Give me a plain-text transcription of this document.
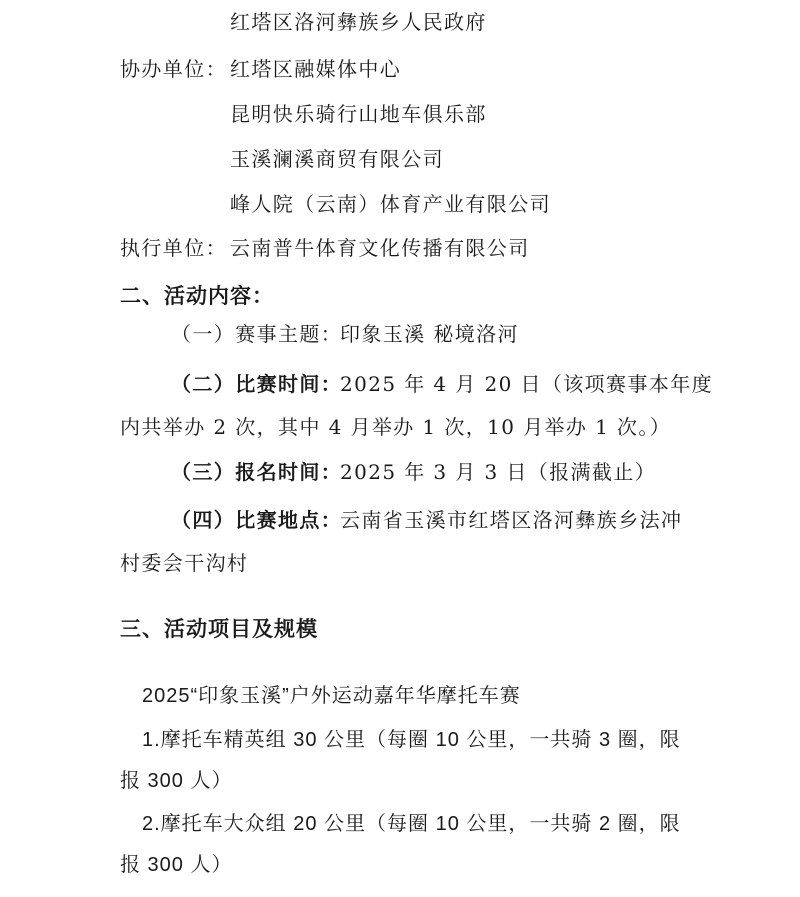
红塔区洛河彝族乡人民政府
协办单位： 红塔区融媒体中心
昆明快乐骑行山地车俱乐部
玉溪澜溪商贸有限公司
峰人院（云南）体育产业有限公司
执行单位： 云南普牛体育文化传播有限公司
二、活动内容：
（一）赛事主题：
印象玉溪 秘境洛河
（二）比赛时间：
2025 年 4 月 20 日（该项赛事本年度
内共举办 2 次，其中 4 月举办 1 次，10 月举办 1 次。）
（三）报名时间：
2025 年 3 月 3 日（报满截止）
（四）比赛地点：
云南省玉溪市红塔区洛河彝族乡法冲
村委会干沟村
三、活动项目及规模
2025“印象玉溪”户外运动嘉年华摩托车赛
1.摩托车精英组 30 公里（每圈 10 公里，一共骑 3 圈，限
报 300 人）
2.摩托车大众组 20 公里（每圈 10 公里，一共骑 2 圈，限
报 300 人）
